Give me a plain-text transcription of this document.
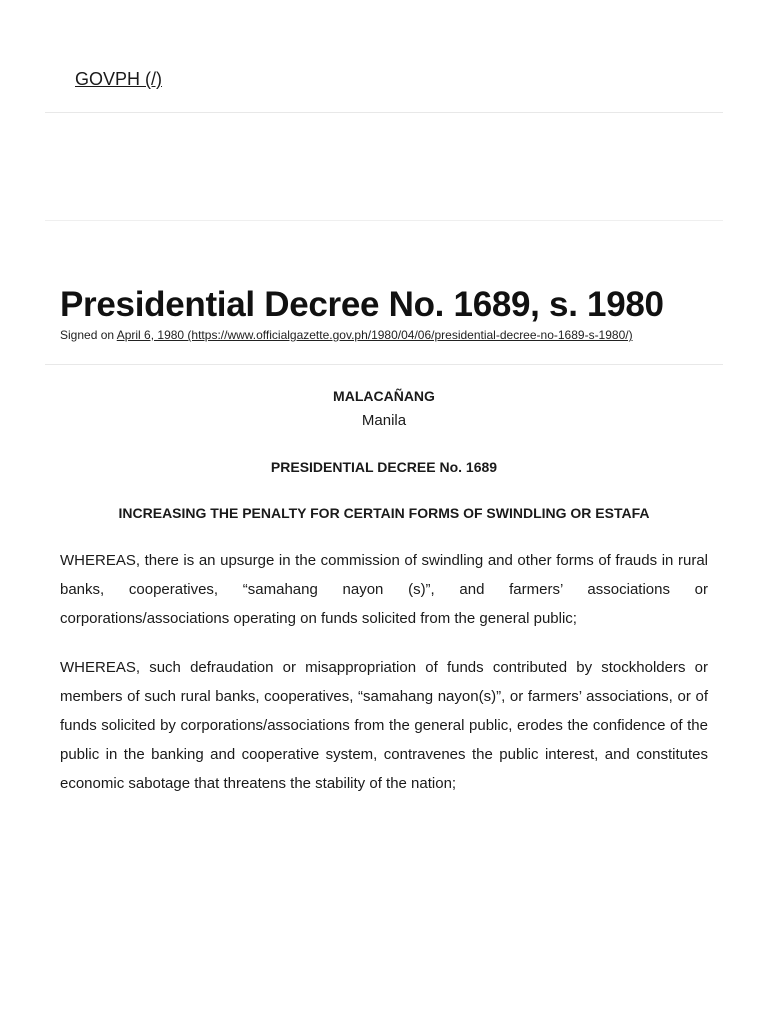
GOVPH (/)
Presidential Decree No. 1689, s. 1980
Signed on April 6, 1980 (https://www.officialgazette.gov.ph/1980/04/06/presidential-decree-no-1689-s-1980/)

MALACAÑANG

Manila

PRESIDENTIAL DECREE No. 1689

INCREASING THE PENALTY FOR CERTAIN FORMS OF SWINDLING OR ESTAFA

WHEREAS, there is an upsurge in the commission of swindling and other forms of frauds in rural banks, cooperatives, “samahang nayon (s)”, and farmers’ associations or corporations/associations operating on funds solicited from the general public;

WHEREAS, such defraudation or misappropriation of funds contributed by stockholders or members of such rural banks, cooperatives, “samahang nayon(s)”, or farmers’ associations, or of funds solicited by corporations/associations from the general public, erodes the confidence of the public in the banking and cooperative system, contravenes the public interest, and constitutes economic sabotage that threatens the stability of the nation;
